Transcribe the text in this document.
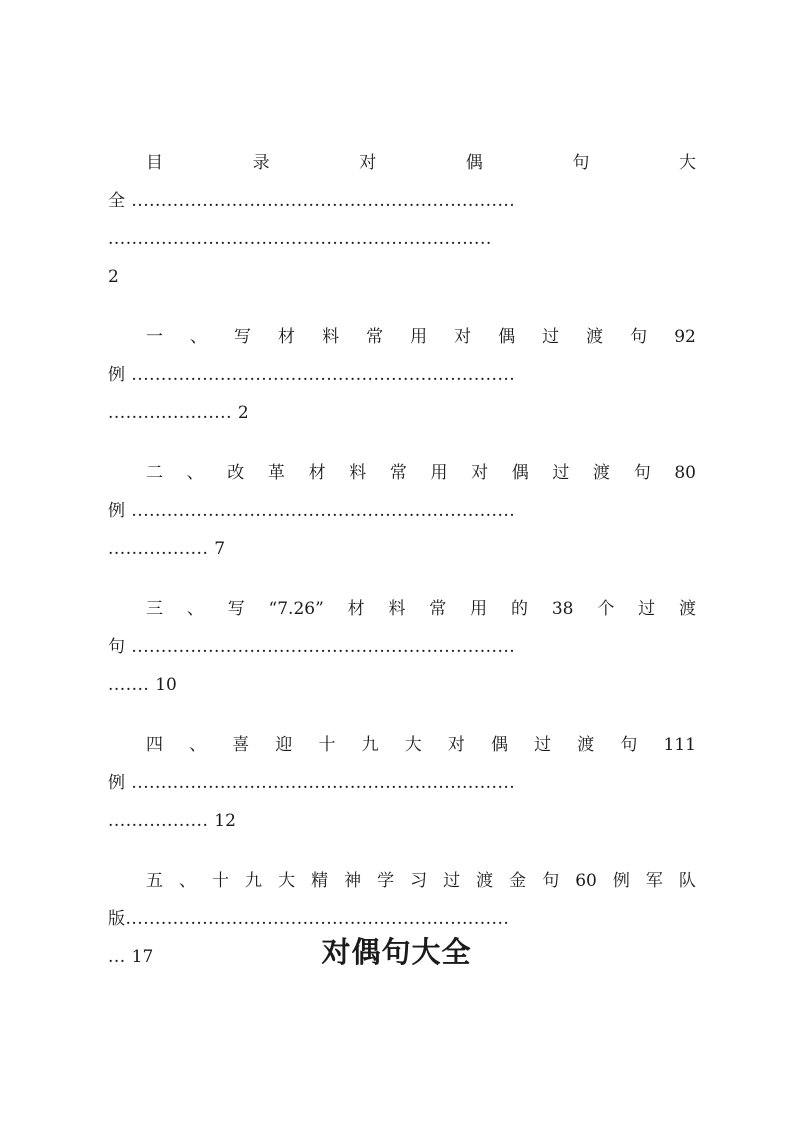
目	录	对	偶	句	大
全 .................................................................
.................................................................
2
一 、 写 材 料 常 用 对 偶 过 渡 句 92
例 .................................................................
..................... 2
二 、 改 革 材 料 常 用 对 偶 过 渡 句 80
例 .................................................................
................. 7
三 、 写 “7.26” 材 料 常 用 的 38 个 过 渡
句 .................................................................
....... 10
四 、 喜 迎 十 九 大 对 偶 过 渡 句 111
例 .................................................................
................. 12
五 、 十 九 大 精 神 学 习 过 渡 金 句 60 例 军 队
版.................................................................
... 17	对偶句大全
